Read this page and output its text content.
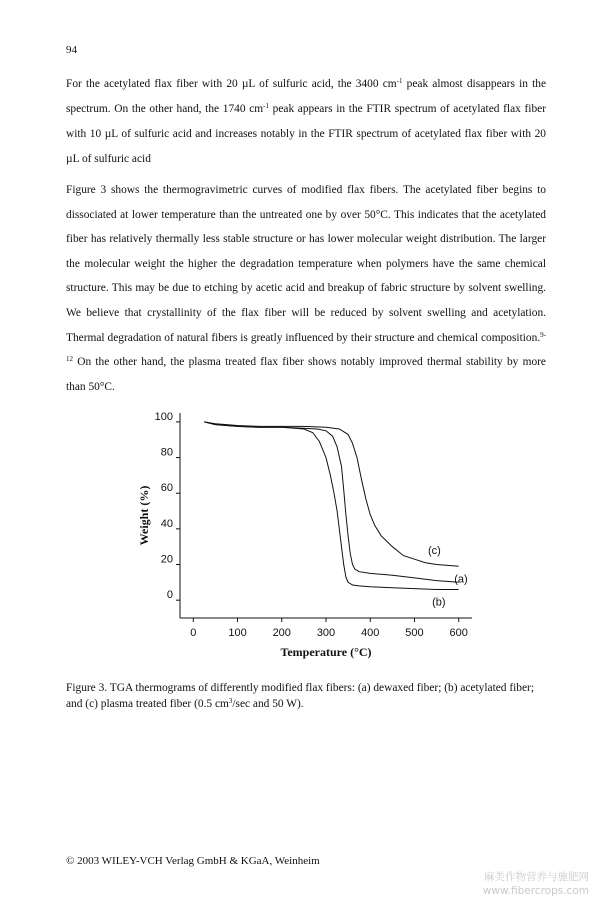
94

For the acetylated flax fiber with 20 µL of sulfuric acid, the 3400 $cm^{-1}$ peak almost disappears in the spectrum. On the other hand, the 1740 $cm^{-1}$ peak appears in the FTIR spectrum of acetylated flax fiber with 10 µL of sulfuric acid and increases notably in the FTIR spectrum of acetylated flax fiber with 20 µL of sulfuric acid

Figure 3 shows the thermogravimetric curves of modified flax fibers. The acetylated fiber begins to dissociated at lower temperature than the untreated one by over 50°C. This indicates that the acetylated fiber has relatively thermally less stable structure or has lower molecular weight distribution. The larger the molecular weight the higher the degradation temperature when polymers have the same chemical structure. This may be due to etching by acetic acid and breakup of fabric structure by solvent swelling. We believe that crystallinity of the flax fiber will be reduced by solvent swelling and acetylation. Thermal degradation of natural fibers is greatly influenced by their structure and chemical composition.$^{9-12}$ On the other hand, the plasma treated flax fiber shows notably improved thermal stability by more than 50°C.

0
20
40
60
80
100
0	100 200 300 400 500 600
(c)
(a)
(b)
Temperature (°C)
Weight (%)
Figure 3. TGA thermograms of differently modified flax fibers: (a) dewaxed fiber; (b) acetylated fiber; and (c) plasma treated fiber (0.5 $cm^3/\sec$ and 50 W).
© 2003 WILEY-VCH Verlag GmbH & KGaA, Weinheim
麻类作物营养与施肥网
www.fibercrops.com
